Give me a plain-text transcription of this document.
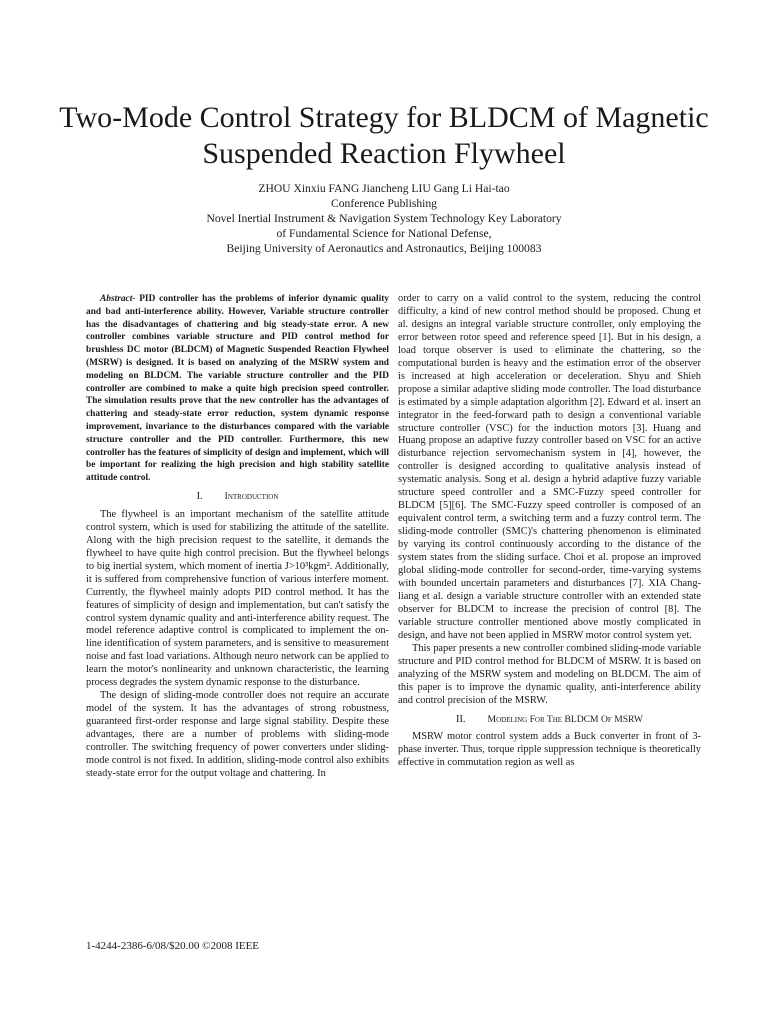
Two-Mode Control Strategy for BLDCM of Magnetic Suspended Reaction Flywheel
ZHOU Xinxiu FANG Jiancheng LIU Gang Li Hai-tao
Conference Publishing
Novel Inertial Instrument & Navigation System Technology Key Laboratory
of Fundamental Science for National Defense,
Beijing University of Aeronautics and Astronautics, Beijing 100083

Abstract- PID controller has the problems of inferior dynamic quality and bad anti-interference ability. However, Variable structure controller has the disadvantages of chattering and big steady-state error. A new controller combines variable structure and PID control method for brushless DC motor (BLDCM) of Magnetic Suspended Reaction Flywheel (MSRW) is designed. It is based on analyzing of the MSRW system and modeling on BLDCM. The variable structure controller and the PID controller are combined to make a quite high precision speed controller. The simulation results prove that the new controller has the advantages of chattering and steady-state error reduction, system dynamic response improvement, invariance to the disturbances compared with the variable structure controller and the PID controller. Furthermore, this new controller has the features of simplicity of design and implement, which will be important for realizing the high precision and high stability satellite attitude control.

I. Introduction

The flywheel is an important mechanism of the satellite attitude control system, which is used for stabilizing the attitude of the satellite. Along with the high precision request to the satellite, it demands the flywheel to have quite high control precision. But the flywheel belongs to big inertial system, which moment of inertia J>10³kgm². Additionally, it is suffered from comprehensive function of various interfere moment. Currently, the flywheel mainly adopts PID control method. It has the features of simplicity of design and implementation, but can't satisfy the control system dynamic quality and anti-interference ability request. The model reference adaptive control is complicated to implement the on-line identification of system parameters, and is sensitive to measurement noise and fast load variations. Although neuro network can be applied to learn the motor's nonlinearity and unknown characteristic, the learning process degrades the system dynamic response to the disturbance.

The design of sliding-mode controller does not require an accurate model of the system. It has the advantages of strong robustness, guaranteed first-order response and large signal stability. Despite these advantages, there are a number of problems with sliding-mode controller. The switching frequency of power converters under sliding-mode control is not fixed. In addition, sliding-mode control also exhibits steady-state error for the output voltage and chattering. In

order to carry on a valid control to the system, reducing the control difficulty, a kind of new control method should be proposed. Chung et al. designs an integral variable structure controller, only employing the error between rotor speed and reference speed [1]. But in his design, a load torque observer is used to eliminate the chattering, so the computational burden is heavy and the estimation error of the observer is increased at high acceleration or deceleration. Shyu and Shieh propose a similar adaptive sliding mode controller. The load disturbance is estimated by a simple adaptation algorithm [2]. Edward et al. insert an integrator in the feed-forward path to design a conventional variable structure controller (VSC) for the induction motors [3]. Huang and Huang propose an adaptive fuzzy controller based on VSC for an active disturbance rejection servomechanism system in [4], however, the controller is designed according to qualitative analysis instead of systematic analysis. Song et al. design a hybrid adaptive fuzzy variable structure speed controller and a SMC-Fuzzy speed controller for BLDCM [5][6]. The SMC-Fuzzy speed controller is composed of an equivalent control term, a switching term and a fuzzy control term. The sliding-mode controller (SMC)'s chattering phenomenon is eliminated by varying its control continuously according to the distance of the system states from the sliding surface. Choi et al. propose an improved global sliding-mode controller for second-order, time-varying systems with bounded uncertain parameters and disturbances [7]. XIA Chang-liang et al. design a variable structure controller with an extended state observer for BLDCM to increase the precision of control [8]. The variable structure controller mentioned above mostly complicated in design, and have not been applied in MSRW motor control system yet.

This paper presents a new controller combined sliding-mode variable structure and PID control method for BLDCM of MSRW. It is based on analyzing of the MSRW system and modeling on BLDCM. The aim of this paper is to improve the dynamic quality, anti-interference ability and control precision of the MSRW.

II. Modeling For The BLDCM Of MSRW

MSRW motor control system adds a Buck converter in front of 3-phase inverter. Thus, torque ripple suppression technique is theoretically effective in commutation region as well as

1-4244-2386-6/08/$20.00 ©2008 IEEE
